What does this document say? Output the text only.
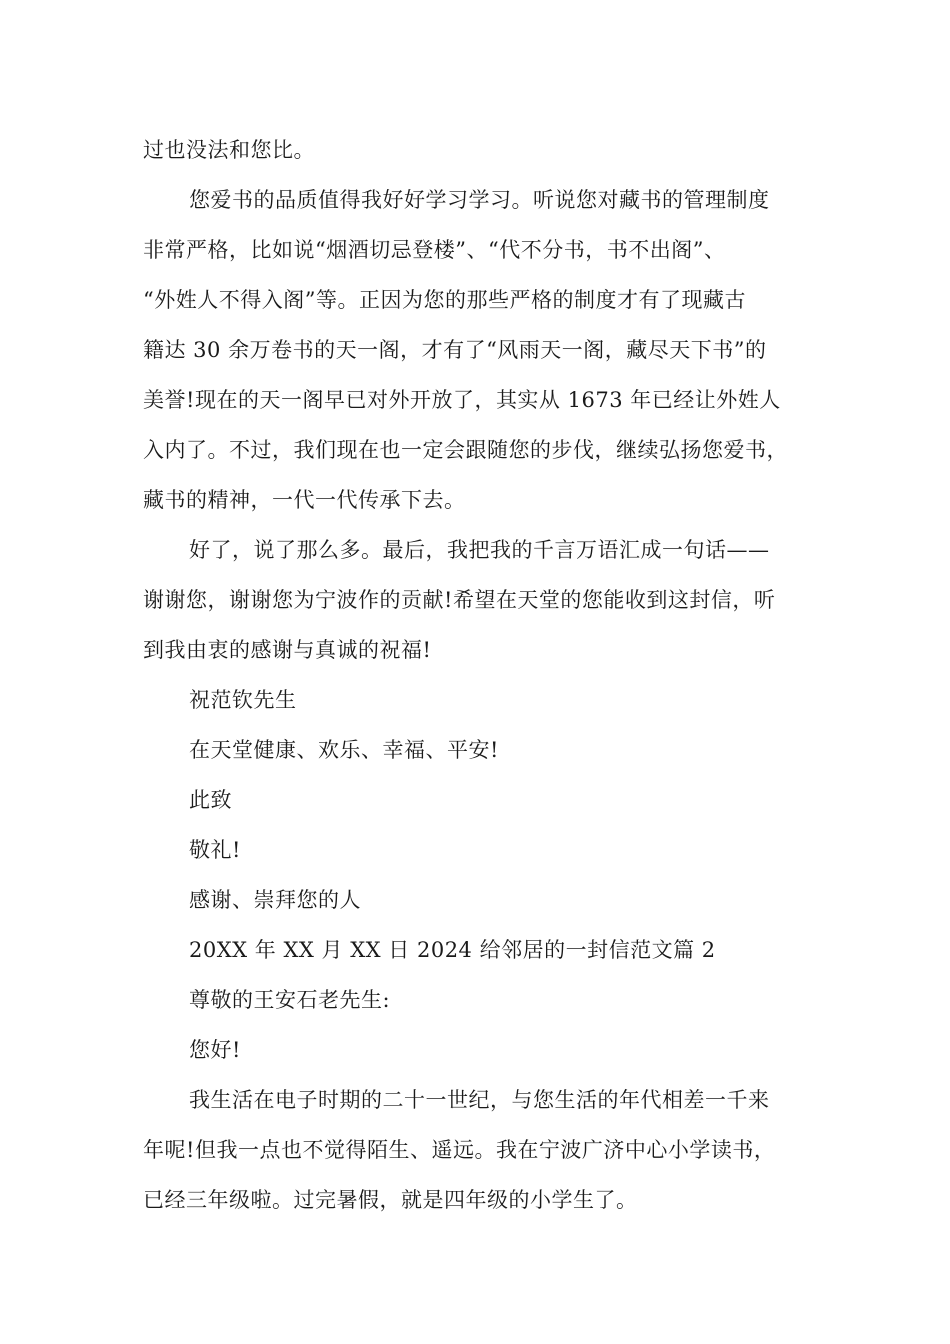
过也没法和您比。
您爱书的品质值得我好好学习学习。听说您对藏书的管理制度
非常严格，比如说“烟酒切忌登楼”、“代不分书，书不出阁”、
“外姓人不得入阁”等。正因为您的那些严格的制度才有了现藏古
籍达 30 余万卷书的天一阁，才有了“风雨天一阁，藏尽天下书”的
美誉!现在的天一阁早已对外开放了，其实从 1673 年已经让外姓人
入内了。不过，我们现在也一定会跟随您的步伐，继续弘扬您爱书，
藏书的精神，一代一代传承下去。
好了，说了那么多。最后，我把我的千言万语汇成一句话——
谢谢您，谢谢您为宁波作的贡献!希望在天堂的您能收到这封信，听
到我由衷的感谢与真诚的祝福!
祝范钦先生
在天堂健康、欢乐、幸福、平安!
此致
敬礼!
感谢、崇拜您的人
20XX 年 XX 月 XX 日 2024 给邻居的一封信范文篇 2
尊敬的王安石老先生:
您好!
我生活在电子时期的二十一世纪，与您生活的年代相差一千来
年呢!但我一点也不觉得陌生、遥远。我在宁波广济中心小学读书，
已经三年级啦。过完暑假，就是四年级的小学生了。
